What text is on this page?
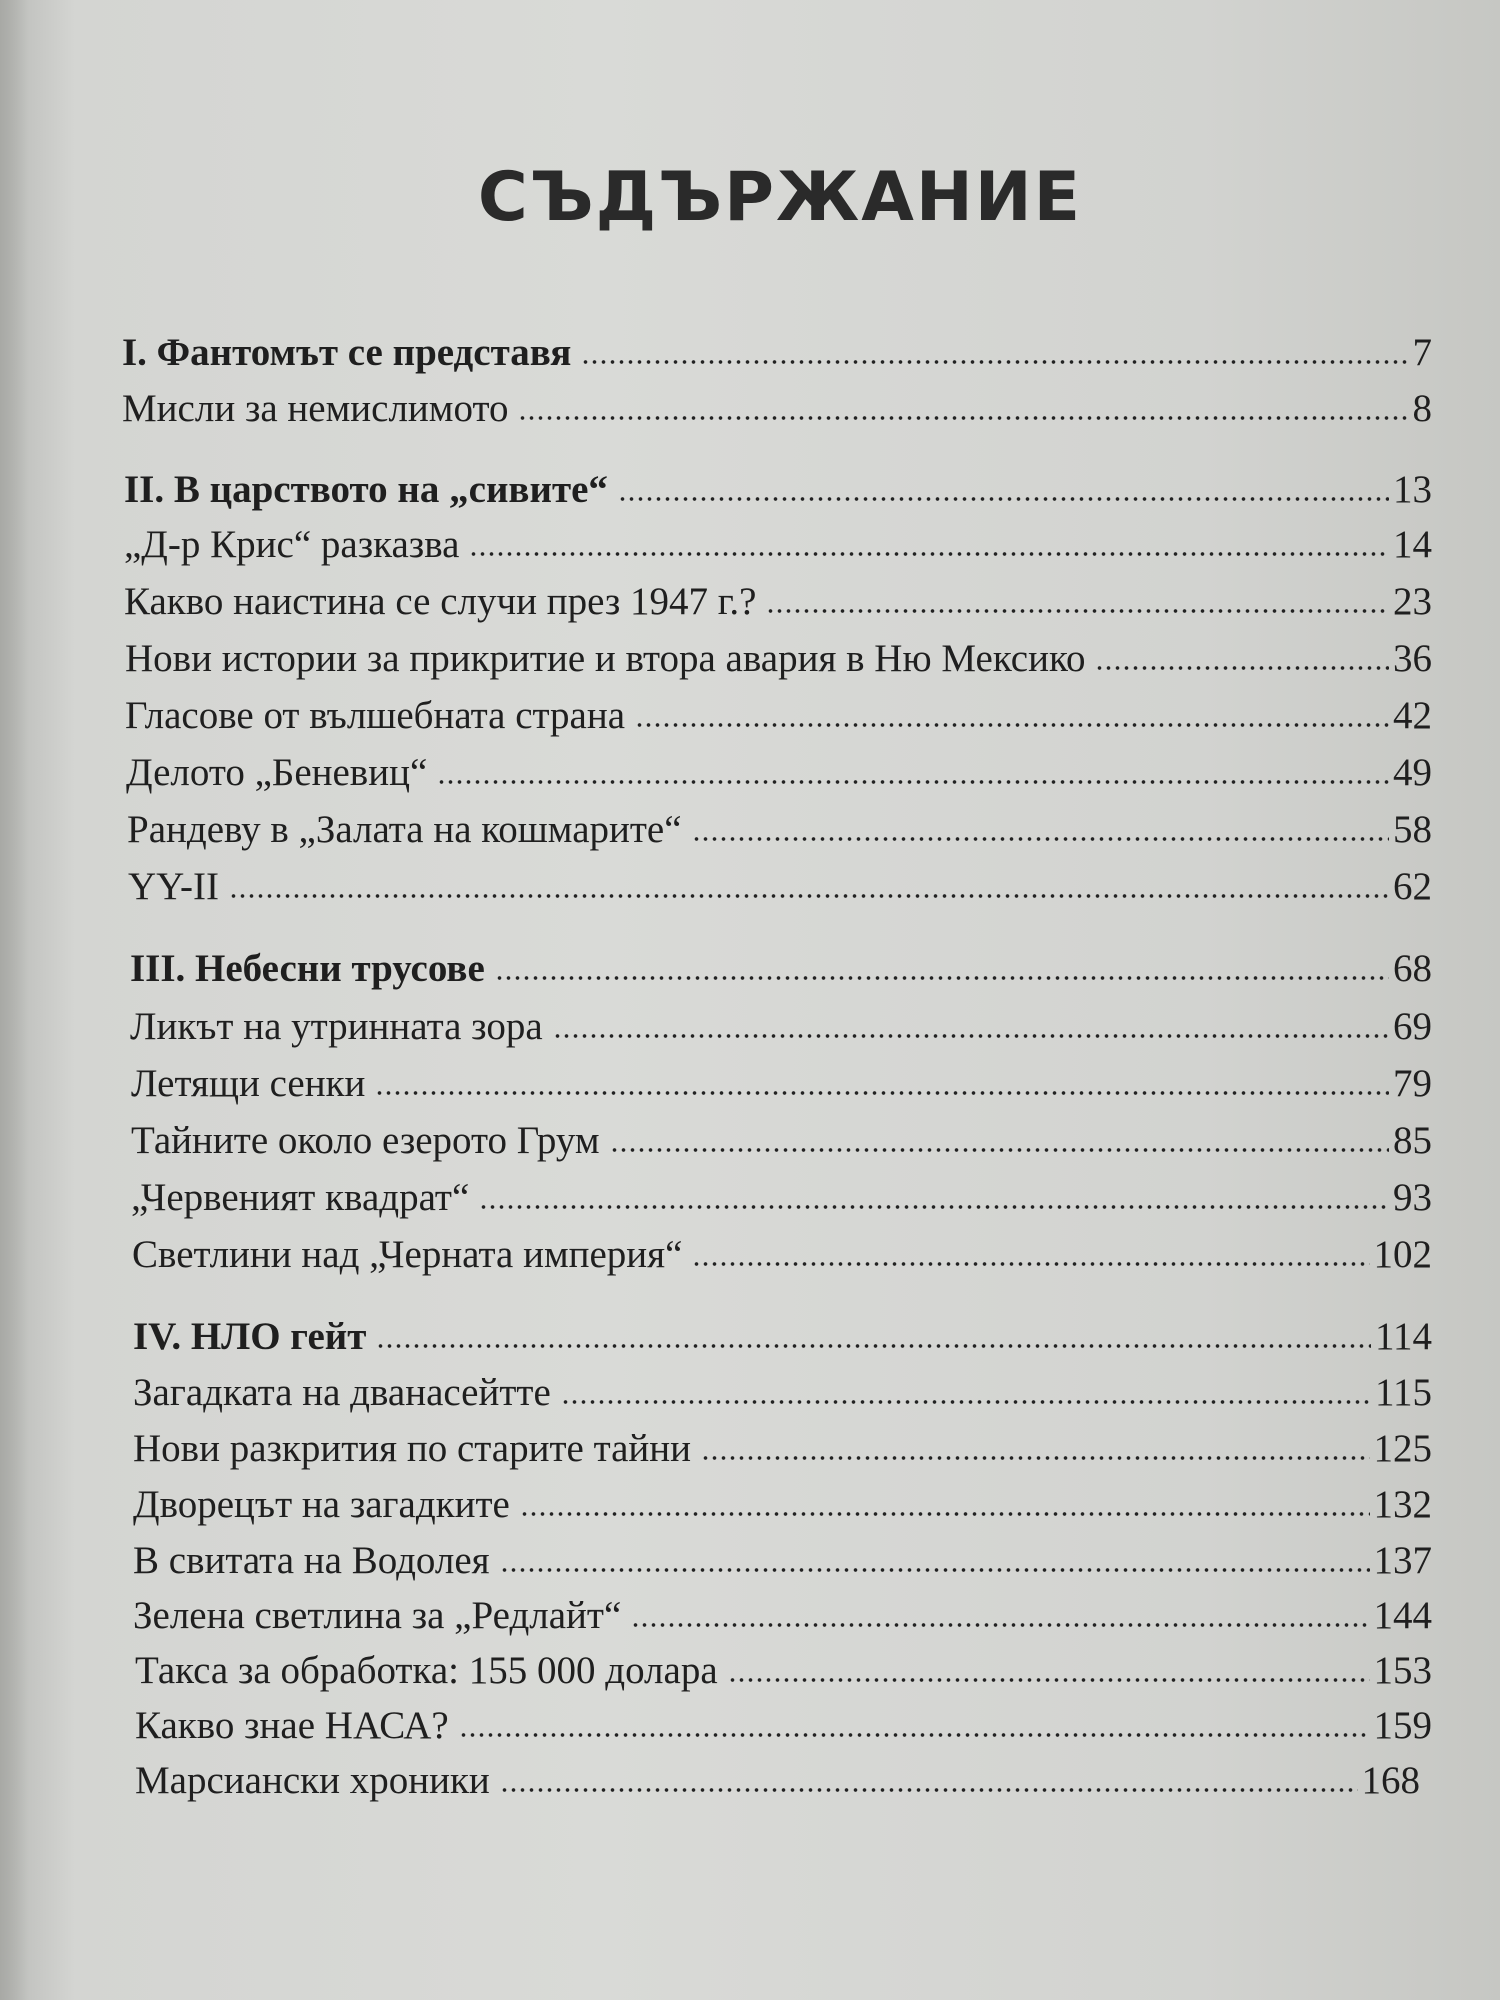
СЪДЪРЖАНИЕ
I. Фантомът се представя	7
Мисли за немислимото	8
II. В царството на „сивите“	13
„Д-р Крис“ разказва	14
Какво наистина се случи през 1947 г.?	23
Нови истории за прикритие и втора авария в Ню Мексико	36
Гласове от вълшебната страна	42
Делото „Беневиц“	49
Рандеву в „Залата на кошмарите“	58
YY-II	62
III. Небесни трусове	68
Ликът на утринната зора	69
Летящи сенки	79
Тайните около езерото Грум	85
„Червеният квадрат“	93
Светлини над „Черната империя“	102
IV. НЛО гейт	114
Загадката на дванасейтте	115
Нови разкрития по старите тайни	125
Дворецът на загадките	132
В свитата на Водолея	137
Зелена светлина за „Редлайт“	144
Такса за обработка: 155 000 долара	153
Какво знае НАСА?	159
Марсиански хроники	168
